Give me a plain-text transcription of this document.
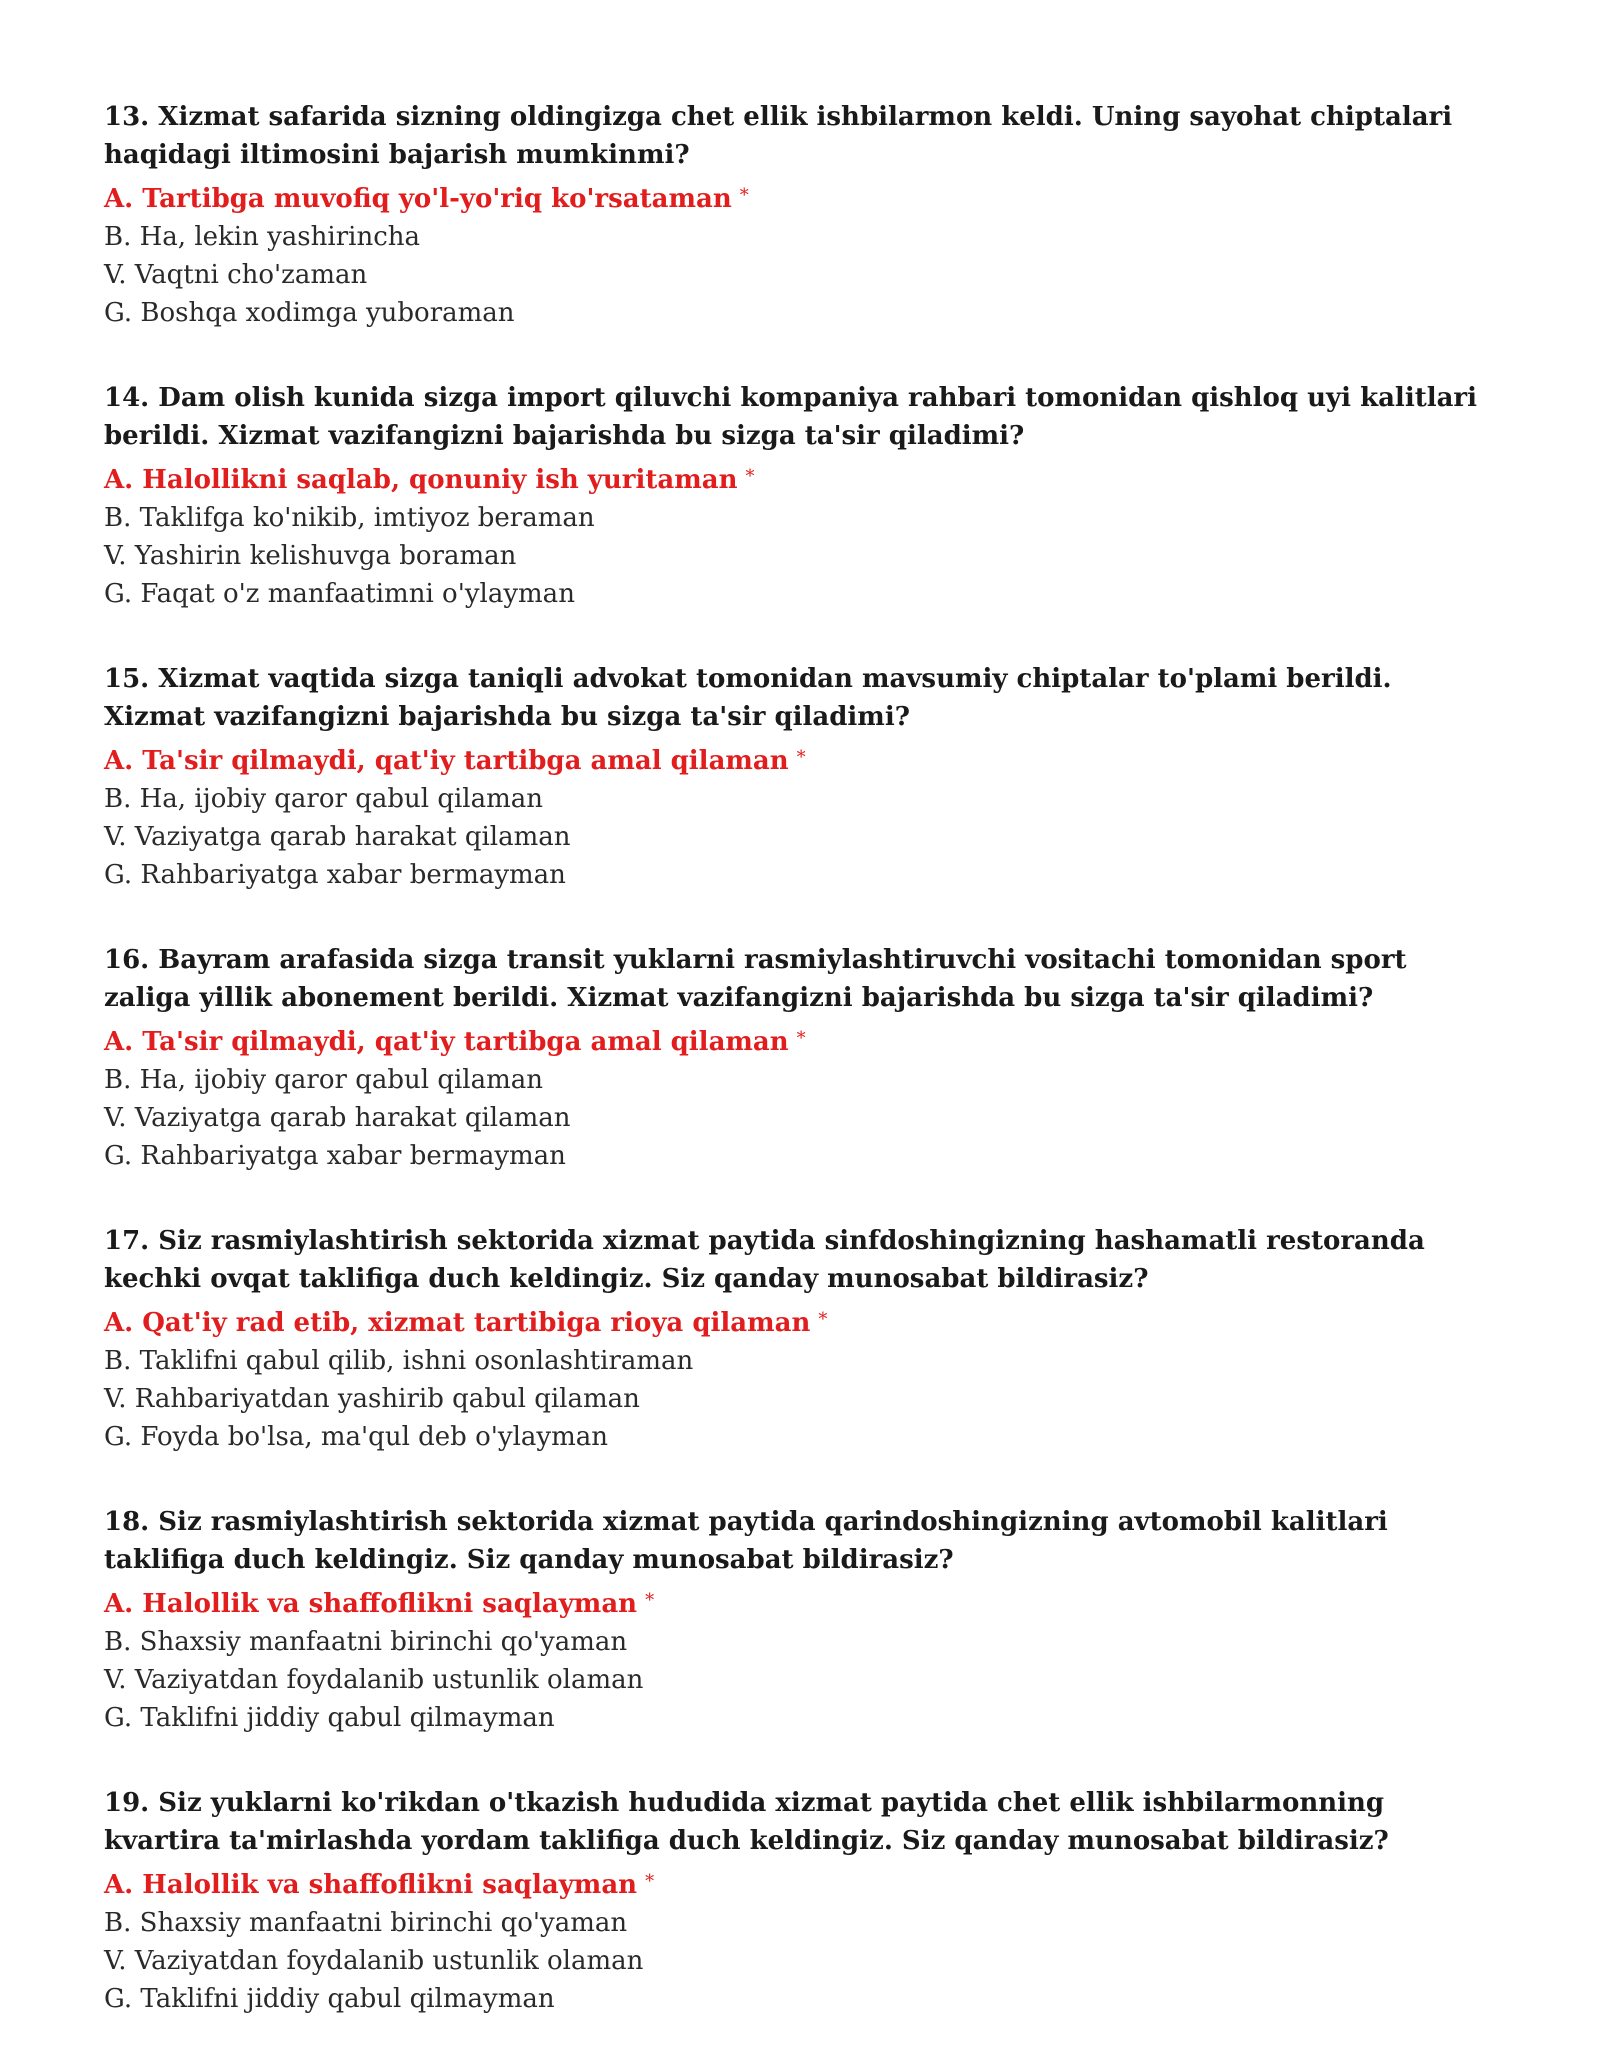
13. Xizmat safarida sizning oldingizga chet ellik ishbilarmon keldi. Uning sayohat chiptalari haqidagi iltimosini bajarish mumkinmi?
A. Tartibga muvofiq yo'l-yo'riq ko'rsataman *
B. Ha, lekin yashirincha
V. Vaqtni cho'zaman
G. Boshqa xodimga yuboraman
14. Dam olish kunida sizga import qiluvchi kompaniya rahbari tomonidan qishloq uyi kalitlari berildi. Xizmat vazifangizni bajarishda bu sizga ta'sir qiladimi?
A. Halollikni saqlab, qonuniy ish yuritaman *
B. Taklifga ko'nikib, imtiyoz beraman
V. Yashirin kelishuvga boraman
G. Faqat o'z manfaatimni o'ylayman
15. Xizmat vaqtida sizga taniqli advokat tomonidan mavsumiy chiptalar to'plami berildi. Xizmat vazifangizni bajarishda bu sizga ta'sir qiladimi?
A. Ta'sir qilmaydi, qat'iy tartibga amal qilaman *
B. Ha, ijobiy qaror qabul qilaman
V. Vaziyatga qarab harakat qilaman
G. Rahbariyatga xabar bermayman
16. Bayram arafasida sizga transit yuklarni rasmiylashtiruvchi vositachi tomonidan sport zaliga yillik abonement berildi. Xizmat vazifangizni bajarishda bu sizga ta'sir qiladimi?
A. Ta'sir qilmaydi, qat'iy tartibga amal qilaman *
B. Ha, ijobiy qaror qabul qilaman
V. Vaziyatga qarab harakat qilaman
G. Rahbariyatga xabar bermayman
17. Siz rasmiylashtirish sektorida xizmat paytida sinfdoshingizning hashamatli restoranda kechki ovqat taklifiga duch keldingiz. Siz qanday munosabat bildirasiz?
A. Qat'iy rad etib, xizmat tartibiga rioya qilaman *
B. Taklifni qabul qilib, ishni osonlashtiraman
V. Rahbariyatdan yashirib qabul qilaman
G. Foyda bo'lsa, ma'qul deb o'ylayman
18. Siz rasmiylashtirish sektorida xizmat paytida qarindoshingizning avtomobil kalitlari taklifiga duch keldingiz. Siz qanday munosabat bildirasiz?
A. Halollik va shaffoflikni saqlayman *
B. Shaxsiy manfaatni birinchi qo'yaman
V. Vaziyatdan foydalanib ustunlik olaman
G. Taklifni jiddiy qabul qilmayman
19. Siz yuklarni ko'rikdan o'tkazish hududida xizmat paytida chet ellik ishbilarmonning kvartira ta'mirlashda yordam taklifiga duch keldingiz. Siz qanday munosabat bildirasiz?
A. Halollik va shaffoflikni saqlayman *
B. Shaxsiy manfaatni birinchi qo'yaman
V. Vaziyatdan foydalanib ustunlik olaman
G. Taklifni jiddiy qabul qilmayman
